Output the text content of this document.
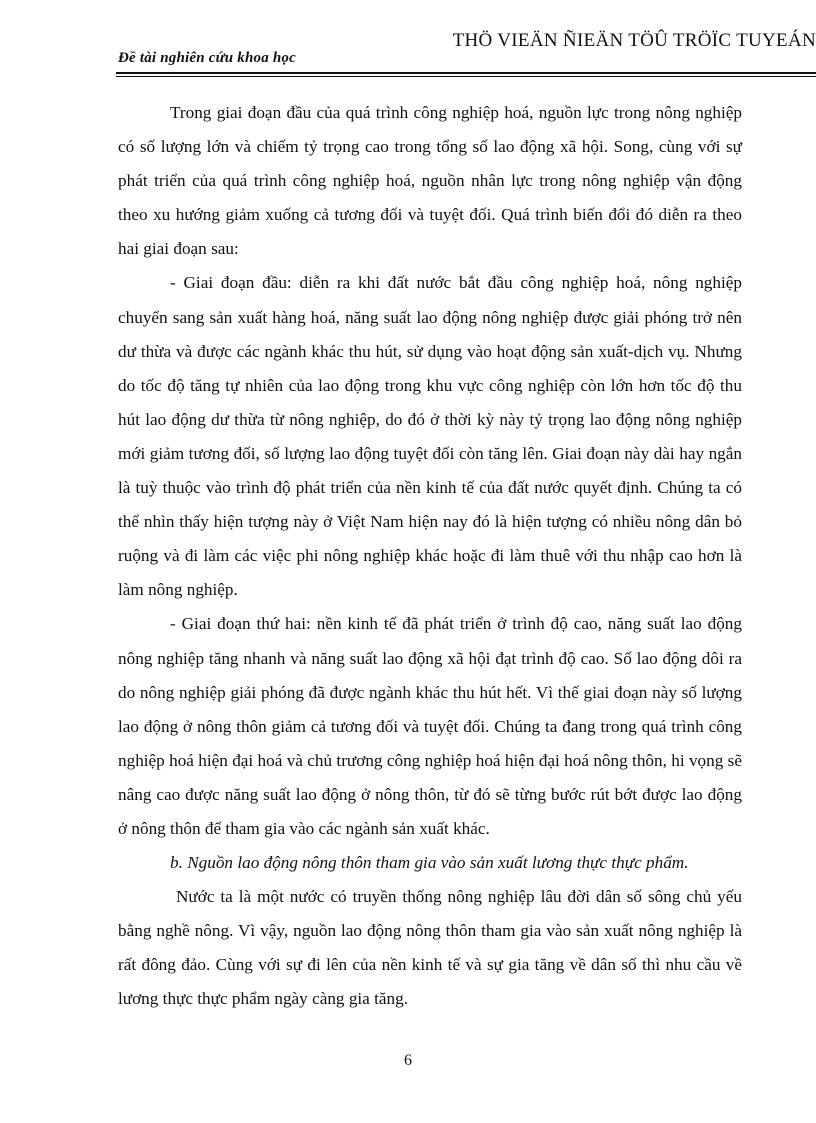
Đề tài nghiên cứu khoa học
THÖ VIEÄN ÑIEÄN TÖÛ TRÖÏC TUYEÁN

Trong giai đoạn đầu của quá trình công nghiệp hoá, nguồn lực trong nông nghiệp có số lượng lớn và chiếm tỷ trọng cao trong tổng số lao động xã hội. Song, cùng với sự phát triển của quá trình công nghiệp hoá, nguồn nhân lực trong nông nghiệp vận động theo xu hướng giảm xuống cả tương đối và tuyệt đối. Quá trình biến đổi đó diễn ra theo hai giai đoạn sau:

- Giai đoạn đầu: diễn ra khi đất nước bắt đầu công nghiệp hoá, nông nghiệp chuyển sang sản xuất hàng hoá, năng suất lao động nông nghiệp được giải phóng trở nên dư thừa và được các ngành khác thu hút, sử dụng vào hoạt động sản xuất-dịch vụ. Nhưng do tốc độ tăng tự nhiên của lao động trong khu vực công nghiệp còn lớn hơn tốc độ thu hút lao động dư thừa từ nông nghiệp, do đó ở thời kỳ này tỷ trọng lao động nông nghiệp mới giảm tương đối, số lượng lao động tuyệt đối còn tăng lên. Giai đoạn này dài hay ngắn là tuỳ thuộc vào trình độ phát triển của nền kinh tế của đất nước quyết định. Chúng ta có thể nhìn thấy hiện tượng này ở Việt Nam hiện nay đó là hiện tượng có nhiều nông dân bỏ ruộng và đi làm các việc phi nông nghiệp khác hoặc đi làm thuê với thu nhập cao hơn là làm nông nghiệp.

- Giai đoạn thứ hai: nền kinh tế đã phát triển ở trình độ cao, năng suất lao động nông nghiệp tăng nhanh và năng suất lao động xã hội đạt trình độ cao. Số lao động dôi ra do nông nghiệp giải phóng đã được ngành khác thu hút hết. Vì thế giai đoạn này số lượng lao động ở nông thôn giảm cả tương đối và tuyệt đối. Chúng ta đang trong quá trình công nghiệp hoá hiện đại hoá và chủ trương công nghiệp hoá hiện đại hoá nông thôn, hi vọng sẽ nâng cao được năng suất lao động ở nông thôn, từ đó sẽ từng bước rút bớt được lao động ở nông thôn để tham gia vào các ngành sản xuất khác.

b. Nguồn lao động nông thôn tham gia vào sản xuất lương thực thực phẩm.

Nước ta là một nước có truyền thống nông nghiệp lâu đời dân số sông chủ yếu bằng nghề nông. Vì vậy, nguồn lao động nông thôn tham gia vào sản xuất nông nghiệp là rất đông đảo. Cùng với sự đi lên của nền kinh tế và sự gia tăng về dân số thì nhu cầu về lương thực thực phẩm ngày càng gia tăng.

6
